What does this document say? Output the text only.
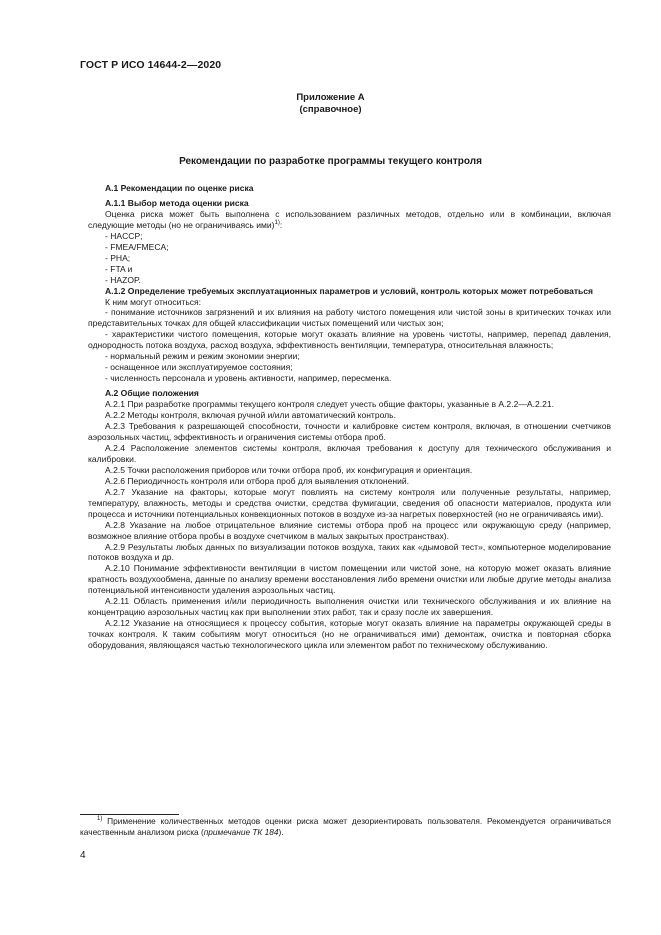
ГОСТ Р ИСО 14644-2—2020
Приложение А
(справочное)
Рекомендации по разработке программы текущего контроля

А.1 Рекомендации по оценке риска

А.1.1 Выбор метода оценки риска

Оценка риска может быть выполнена с использованием различных методов, отдельно или в комбинации, включая следующие методы (но не ограничиваясь ими)$^{1)}$:

- HACCP;

- FMEA/FMECA;

- PHA;

- FTA и

- HAZOP.

А.1.2 Определение требуемых эксплуатационных параметров и условий, контроль которых может потребоваться

К ним могут относиться:

- понимание источников загрязнений и их влияния на работу чистого помещения или чистой зоны в критических точках или представительных точках для общей классификации чистых помещений или чистых зон;

- характеристики чистого помещения, которые могут оказать влияние на уровень чистоты, например, перепад давления, однородность потока воздуха, расход воздуха, эффективность вентиляции, температура, относительная влажность;

- нормальный режим и режим экономии энергии;

- оснащенное или эксплуатируемое состояния;

- численность персонала и уровень активности, например, пересменка.

А.2 Общие положения

А.2.1 При разработке программы текущего контроля следует учесть общие факторы, указанные в А.2.2—А.2.21.

А.2.2 Методы контроля, включая ручной и/или автоматический контроль.

А.2.3 Требования к разрешающей способности, точности и калибровке систем контроля, включая, в отношении счетчиков аэрозольных частиц, эффективность и ограничения системы отбора проб.

А.2.4 Расположение элементов системы контроля, включая требования к доступу для технического обслуживания и калибровки.

А.2.5 Точки расположения приборов или точки отбора проб, их конфигурация и ориентация.

А.2.6 Периодичность контроля или отбора проб для выявления отклонений.

А.2.7 Указание на факторы, которые могут повлиять на систему контроля или полученные результаты, например, температуру, влажность, методы и средства очистки, средства фумигации, сведения об опасности материалов, продукта или процесса и источники потенциальных конвекционных потоков в воздухе из-за нагретых поверхностей (но не ограничиваясь ими).

А.2.8 Указание на любое отрицательное влияние системы отбора проб на процесс или окружающую среду (например, возможное влияние отбора пробы в воздухе счетчиком в малых закрытых пространствах).

А.2.9 Результаты любых данных по визуализации потоков воздуха, таких как «дымовой тест», компьютерное моделирование потоков воздуха и др.

А.2.10 Понимание эффективности вентиляции в чистом помещении или чистой зоне, на которую может оказать влияние кратность воздухообмена, данные по анализу времени восстановления либо времени очистки или любые другие методы анализа потенциальной интенсивности удаления аэрозольных частиц.

А.2.11 Область применения и/или периодичность выполнения очистки или технического обслуживания и их влияние на концентрацию аэрозольных частиц как при выполнении этих работ, так и сразу после их завершения.

А.2.12 Указание на относящиеся к процессу события, которые могут оказать влияние на параметры окружающей среды в точках контроля. К таким событиям могут относиться (но не ограничиваться ими) демонтаж, очистка и повторная сборка оборудования, являющаяся частью технологического цикла или элементом работ по техническому обслуживанию.

$^{1)}$ Применение количественных методов оценки риска может дезориентировать пользователя. Рекомендуется ограничиваться качественным анализом риска (примечание ТК 184).
4
